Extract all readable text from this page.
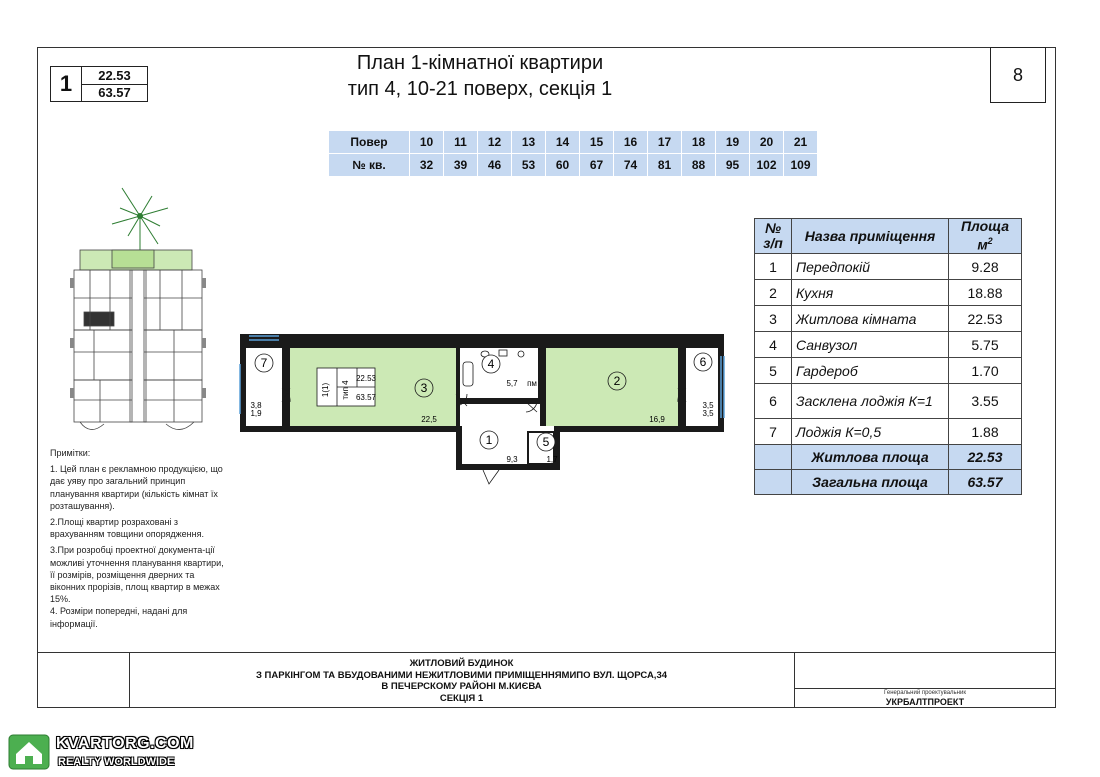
1	22.53
63.57
План 1-кімнатної квартири
тип 4, 10-21 поверх, секція 1
8
Повер	10	11	12	13	14	15	16	17	18	19	20	21
№ кв.	32	39	46	53	60	67	74	81	88	95	102	109

Примітки:

1. Цей план є рекламною продукцією, що дає уяву про загальний принцип планування квартири (кількість кімнат їх розташування).

2.Площі квартир розраховані з врахуванням товщини опорядження.

3.При розробці проектної документа-ції можливі уточнення планування квартири, її розмірів, розміщення дверних та віконних прорізів, площ квартир в межах 15%.

4. Розміри попередні, надані для інформації.

7
3
4
2
6
1	5
22,5	16,9
5,7 пм
9,3	1,7
3,8
1,9
3,5
3,5
1(1) тип 4
22.53
63.57
№ з/п	Назва приміщення	Площа $м^2$
1	Передпокій	9.28
2	Кухня	18.88
3	Житлова кімната	22.53
4	Санвузол	5.75
5	Гардероб	1.70
6	Засклена лоджія К=1	3.55
7	Лоджія К=0,5	1.88
	Житлова площа	22.53
	Загальна площа	63.57
ЖИТЛОВИЙ БУДИНОК
З ПАРКІНГОМ ТА ВБУДОВАНИМИ НЕЖИТЛОВИМИ ПРИМІЩЕННЯМИПО ВУЛ. ЩОРСА,34
В ПЕЧЕРСКОМУ РАЙОНІ М.КИЄВА
СЕКЦІЯ 1	Генеральний проектувальник
УКРБАЛТПРОЕКТ
KVARTORG.COM
REALTY WORLDWIDE
